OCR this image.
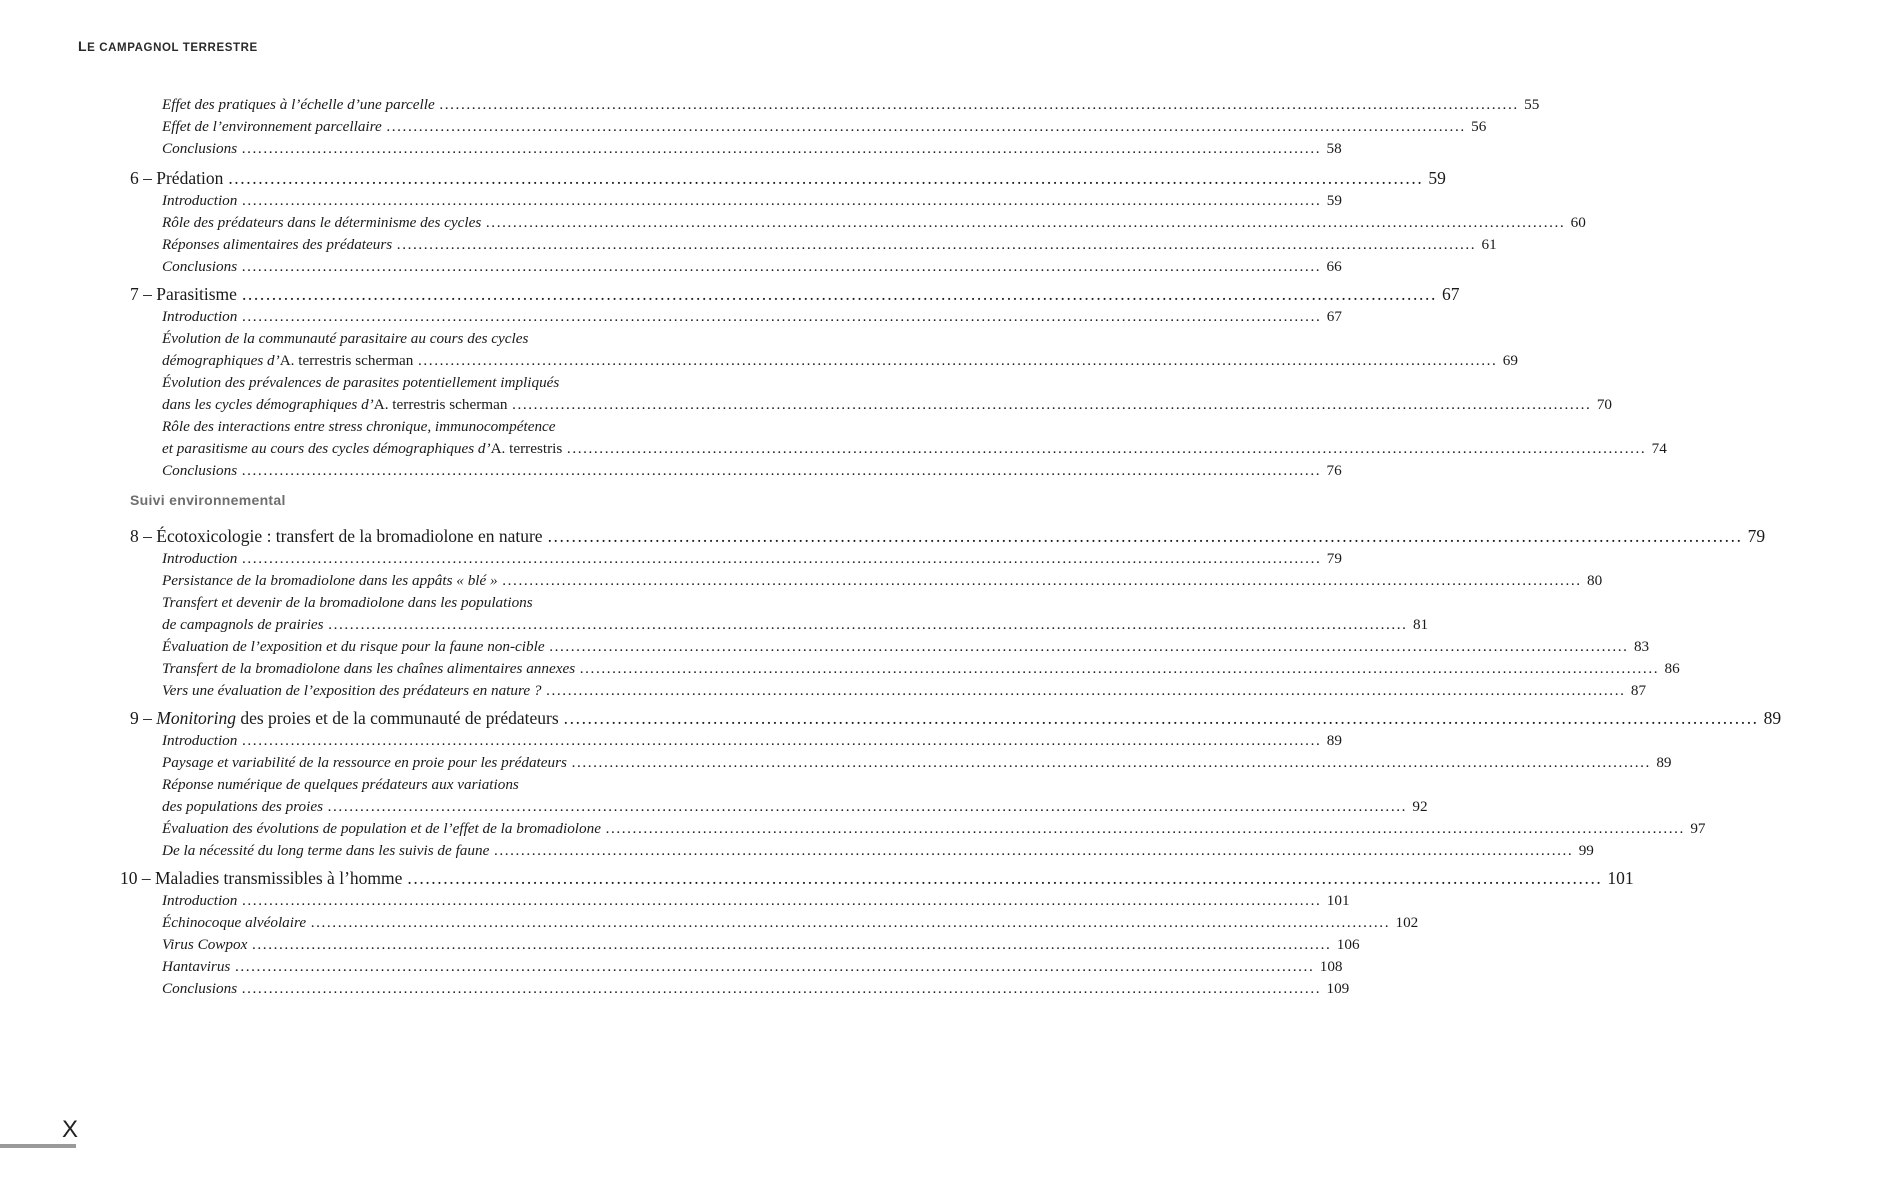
LE CAMPAGNOL TERRESTRE
Effet des pratiques à l’échelle d’une parcelle ........................................................................................................................................................................................................ 55
Effet de l’environnement parcellaire ........................................................................................................................................................................................................ 56
Conclusions ........................................................................................................................................................................................................ 58
6 – Prédation ........................................................................................................................................................................................................ 59
Introduction ........................................................................................................................................................................................................ 59
Rôle des prédateurs dans le déterminisme des cycles ........................................................................................................................................................................................................ 60
Réponses alimentaires des prédateurs ........................................................................................................................................................................................................ 61
Conclusions ........................................................................................................................................................................................................ 66
7 – Parasitisme ........................................................................................................................................................................................................ 67
Introduction ........................................................................................................................................................................................................ 67
Évolution de la communauté parasitaire au cours des cycles
démographiques d’A. terrestris scherman ........................................................................................................................................................................................................ 69
Évolution des prévalences de parasites potentiellement impliqués
dans les cycles démographiques d’A. terrestris scherman ........................................................................................................................................................................................................ 70
Rôle des interactions entre stress chronique, immunocompétence
et parasitisme au cours des cycles démographiques d’A. terrestris ........................................................................................................................................................................................................ 74
Conclusions ........................................................................................................................................................................................................ 76
Suivi environnemental
8 – Écotoxicologie : transfert de la bromadiolone en nature ........................................................................................................................................................................................................ 79
Introduction ........................................................................................................................................................................................................ 79
Persistance de la bromadiolone dans les appâts « blé » ........................................................................................................................................................................................................ 80
Transfert et devenir de la bromadiolone dans les populations
de campagnols de prairies ........................................................................................................................................................................................................ 81
Évaluation de l’exposition et du risque pour la faune non-cible ........................................................................................................................................................................................................ 83
Transfert de la bromadiolone dans les chaînes alimentaires annexes ........................................................................................................................................................................................................ 86
Vers une évaluation de l’exposition des prédateurs en nature ? ........................................................................................................................................................................................................ 87
9 – Monitoring des proies et de la communauté de prédateurs ........................................................................................................................................................................................................ 89
Introduction ........................................................................................................................................................................................................ 89
Paysage et variabilité de la ressource en proie pour les prédateurs ........................................................................................................................................................................................................ 89
Réponse numérique de quelques prédateurs aux variations
des populations des proies ........................................................................................................................................................................................................ 92
Évaluation des évolutions de population et de l’effet de la bromadiolone ........................................................................................................................................................................................................ 97
De la nécessité du long terme dans les suivis de faune ........................................................................................................................................................................................................ 99
10 – Maladies transmissibles à l’homme ........................................................................................................................................................................................................ 101
Introduction ........................................................................................................................................................................................................ 101
Échinocoque alvéolaire ........................................................................................................................................................................................................ 102
Virus Cowpox ........................................................................................................................................................................................................ 106
Hantavirus ........................................................................................................................................................................................................ 108
Conclusions ........................................................................................................................................................................................................ 109
X
